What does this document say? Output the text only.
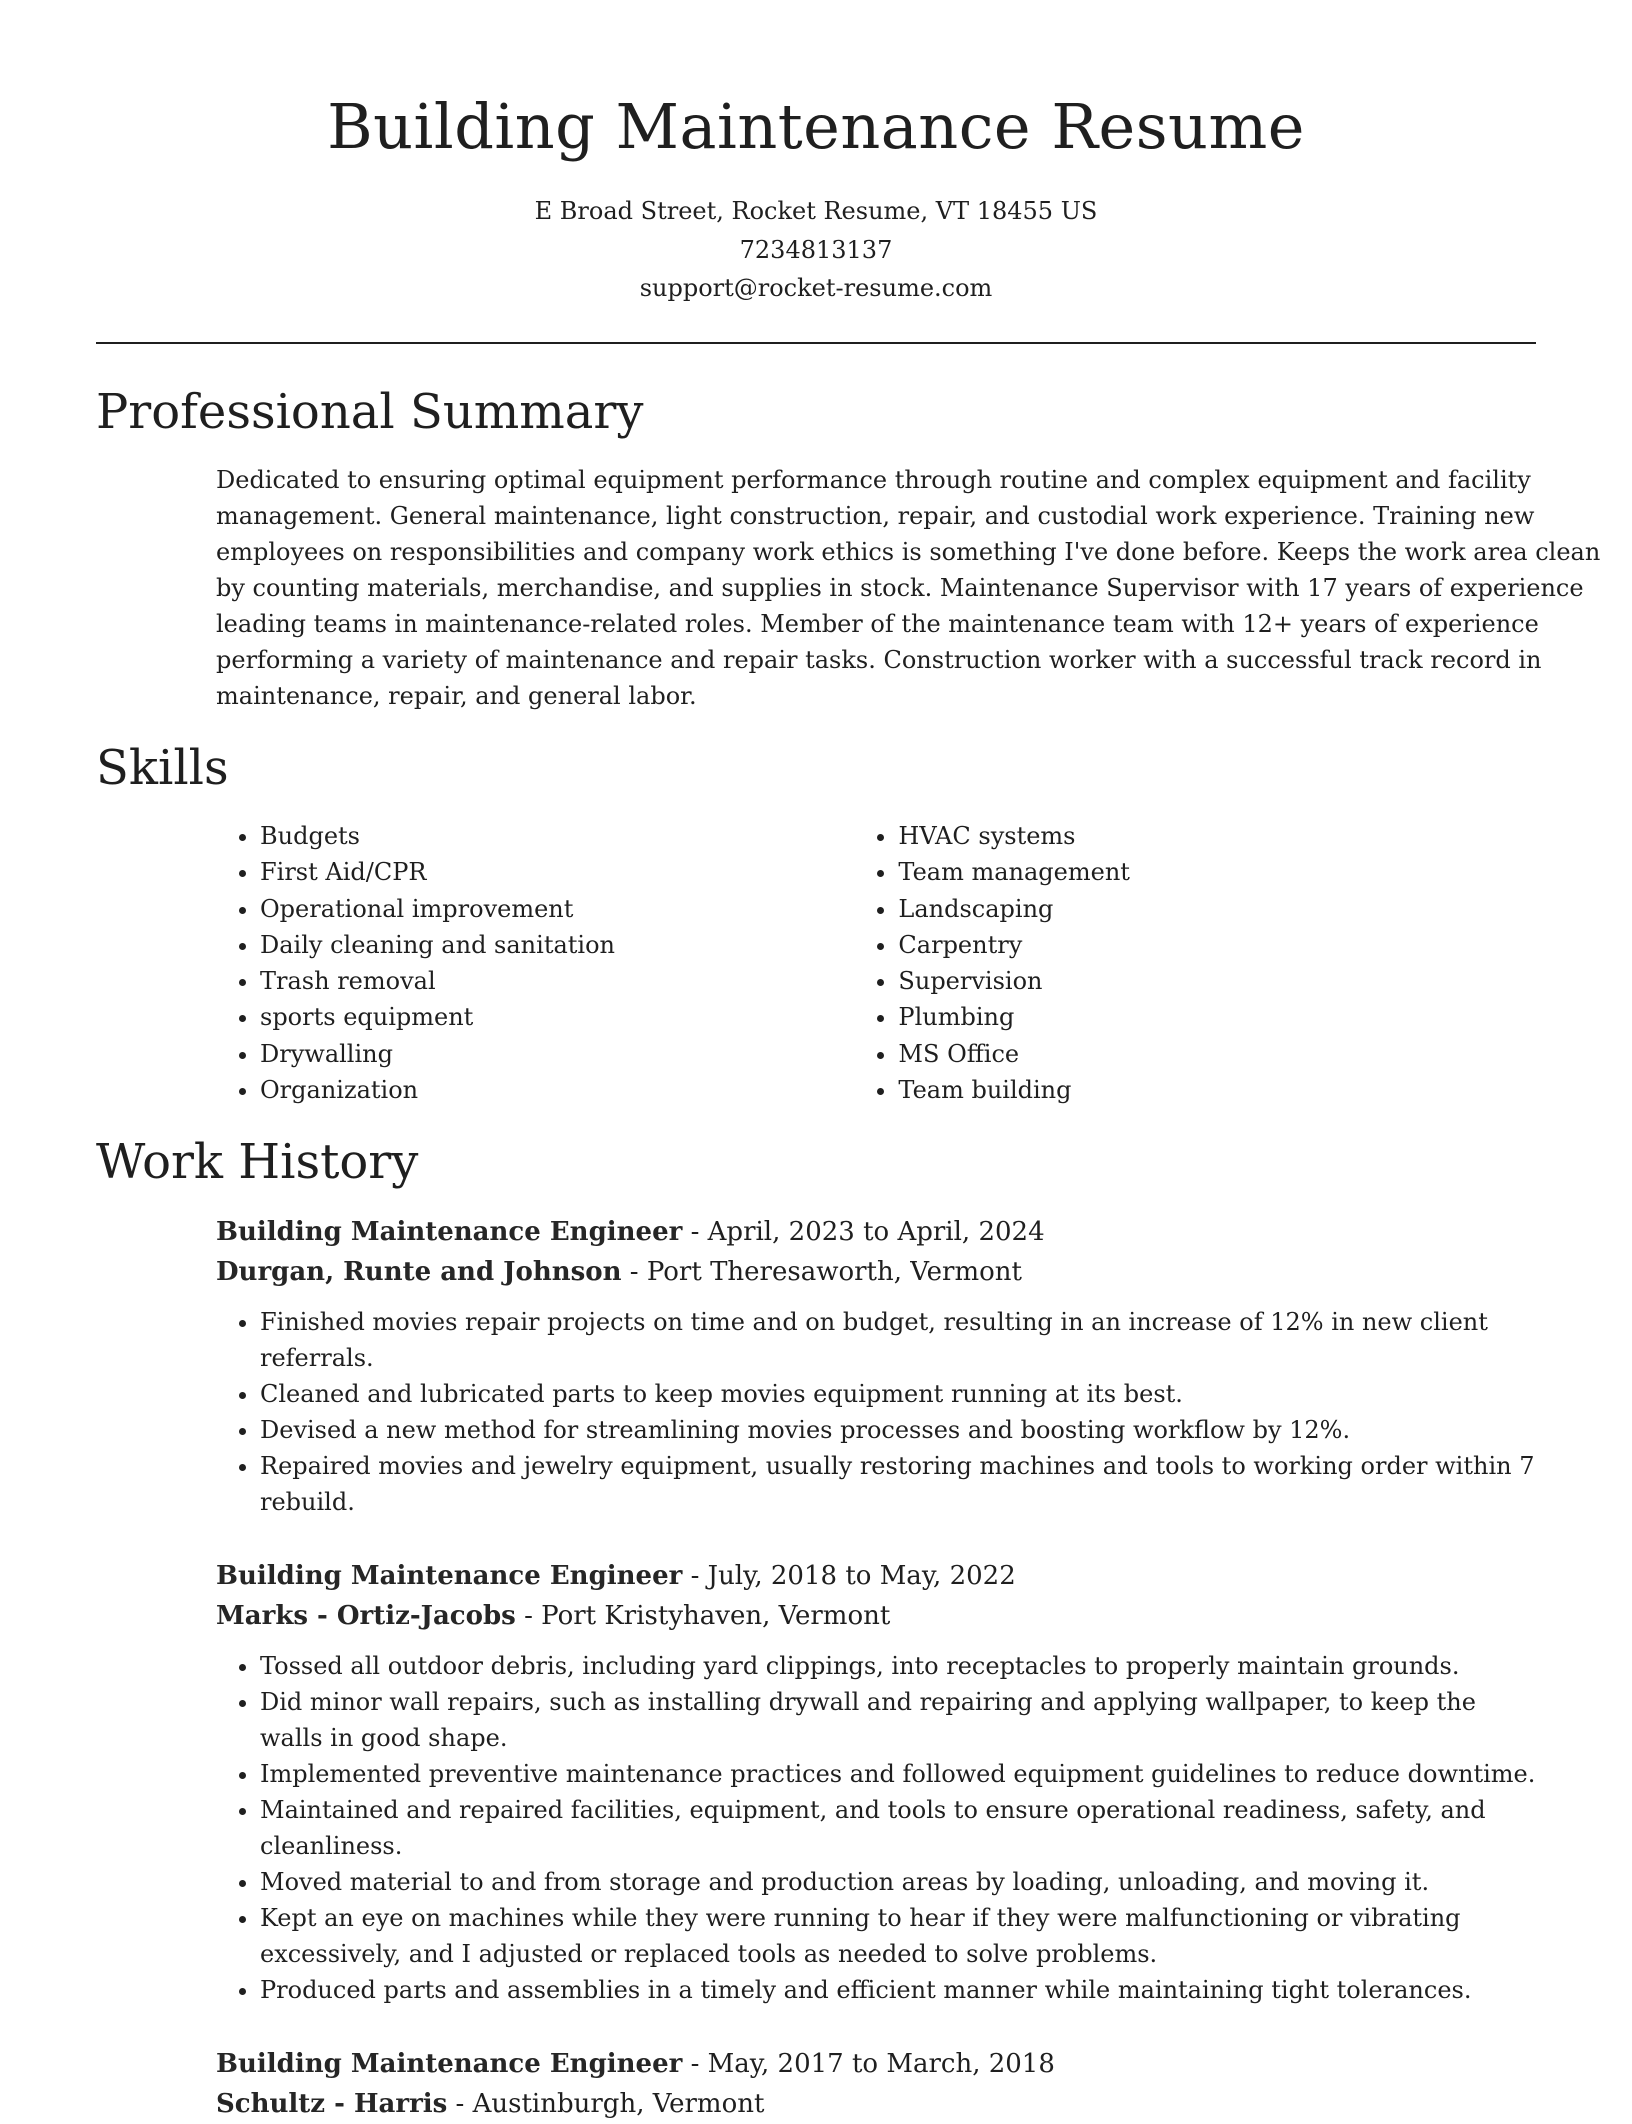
Building Maintenance Resume
E Broad Street, Rocket Resume, VT 18455 US
7234813137
support@rocket-resume.com
Professional Summary

Dedicated to ensuring optimal equipment performance through routine and complex equipment and facility management. General maintenance, light construction, repair, and custodial work experience. Training new employees on responsibilities and company work ethics is something I've done before. Keeps the work area clean by counting materials, merchandise, and supplies in stock. Maintenance Supervisor with 17 years of experience leading teams in maintenance-related roles. Member of the maintenance team with 12+ years of experience performing a variety of maintenance and repair tasks. Construction worker with a successful track record in maintenance, repair, and general labor.

Skills
• Budgets
• First Aid/CPR
• Operational improvement
• Daily cleaning and sanitation
• Trash removal
• sports equipment
• Drywalling
• Organization
• HVAC systems
• Team management
• Landscaping
• Carpentry
• Supervision
• Plumbing
• MS Office
• Team building
Work History

Building Maintenance Engineer - April, 2023 to April, 2024

Durgan, Runte and Johnson - Port Theresaworth, Vermont

• Finished movies repair projects on time and on budget, resulting in an increase of 12% in new client referrals.
• Cleaned and lubricated parts to keep movies equipment running at its best.
• Devised a new method for streamlining movies processes and boosting workflow by 12%.
• Repaired movies and jewelry equipment, usually restoring machines and tools to working order within 7 rebuild.

Building Maintenance Engineer - July, 2018 to May, 2022

Marks - Ortiz-Jacobs - Port Kristyhaven, Vermont

• Tossed all outdoor debris, including yard clippings, into receptacles to properly maintain grounds.
• Did minor wall repairs, such as installing drywall and repairing and applying wallpaper, to keep the walls in good shape.
• Implemented preventive maintenance practices and followed equipment guidelines to reduce downtime.
• Maintained and repaired facilities, equipment, and tools to ensure operational readiness, safety, and cleanliness.
• Moved material to and from storage and production areas by loading, unloading, and moving it.
• Kept an eye on machines while they were running to hear if they were malfunctioning or vibrating excessively, and I adjusted or replaced tools as needed to solve problems.
• Produced parts and assemblies in a timely and efficient manner while maintaining tight tolerances.

Building Maintenance Engineer - May, 2017 to March, 2018

Schultz - Harris - Austinburgh, Vermont
